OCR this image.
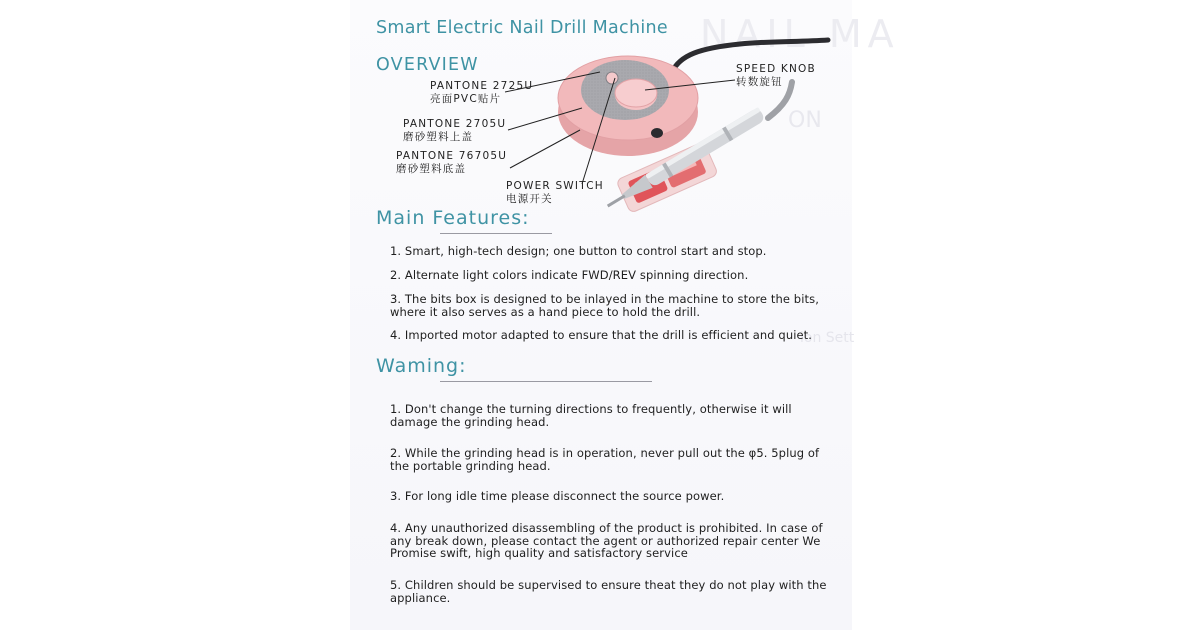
NAIL MA
ON
ion Sett
Smart Electric Nail Drill Machine
OVERVIEW
PANTONE 2725U
亮面PVC贴片
PANTONE 2705U
磨砂塑料上盖
PANTONE 76705U
磨砂塑料底盖
SPEED KNOB
转数旋钮
POWER SWITCH
电源开关
Main Features:

1. Smart, high-tech design; one button to control start and stop.

2. Alternate light colors indicate FWD/REV spinning direction.

3. The bits box is designed to be inlayed in the machine to store the bits, where it also serves as a hand piece to hold the drill.

4. Imported motor adapted to ensure that the drill is efficient and quiet.

Waming:

1. Don't change the turning directions to frequently, otherwise it will damage the grinding head.

2. While the grinding head is in operation, never pull out the φ5. 5plug of the portable grinding head.

3. For long idle time please disconnect the source power.

4. Any unauthorized disassembling of the product is prohibited. In case of any break down, please contact the agent or authorized repair center We Promise swift, high quality and satisfactory service

5. Children should be supervised to ensure theat they do not play with the appliance.
